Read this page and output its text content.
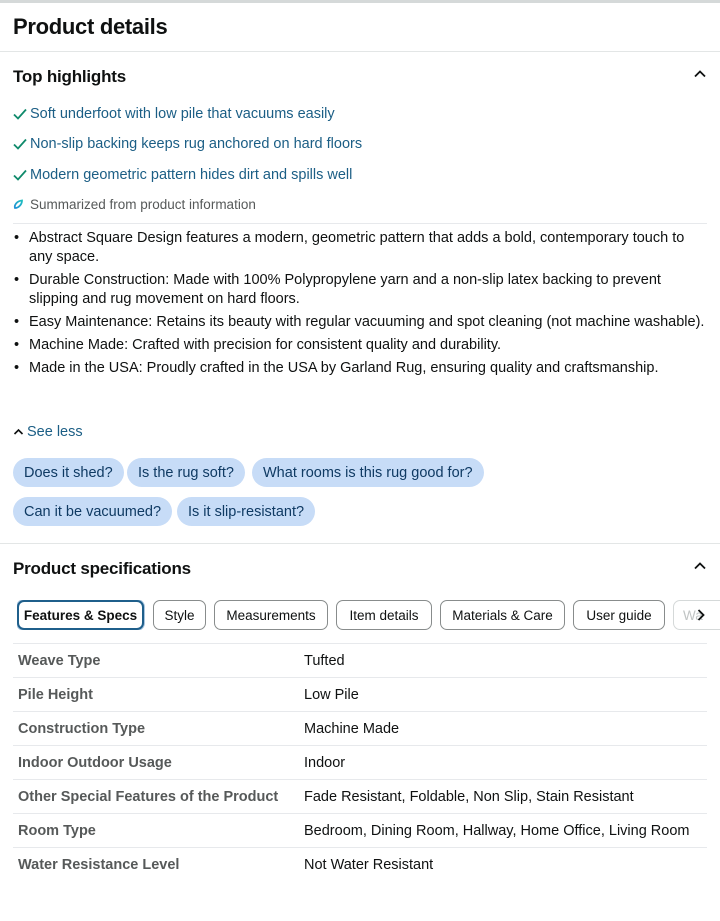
Product details
Top highlights
Soft underfoot with low pile that vacuums easily
Non-slip backing keeps rug anchored on hard floors
Modern geometric pattern hides dirt and spills well
Summarized from product information
• Abstract Square Design features a modern, geometric pattern that adds a bold, contemporary touch to any space.
• Durable Construction: Made with 100% Polypropylene yarn and a non-slip latex backing to prevent slipping and rug movement on hard floors.
• Easy Maintenance: Retains its beauty with regular vacuuming and spot cleaning (not machine washable).
• Machine Made: Crafted with precision for consistent quality and durability.
• Made in the USA: Proudly crafted in the USA by Garland Rug, ensuring quality and craftsmanship.
See less
Does it shed?	Is the rug soft?	What rooms is this rug good for?
Can it be vacuumed?	Is it slip-resistant?
Product specifications
Features & Specs	Style	Measurements	Item details	Materials & Care	User guide	Wa
Weave Type	Tufted
Pile Height	Low Pile
Construction Type	Machine Made
Indoor Outdoor Usage	Indoor
Other Special Features of the Product	Fade Resistant, Foldable, Non Slip, Stain Resistant
Room Type	Bedroom, Dining Room, Hallway, Home Office, Living Room
Water Resistance Level	Not Water Resistant
